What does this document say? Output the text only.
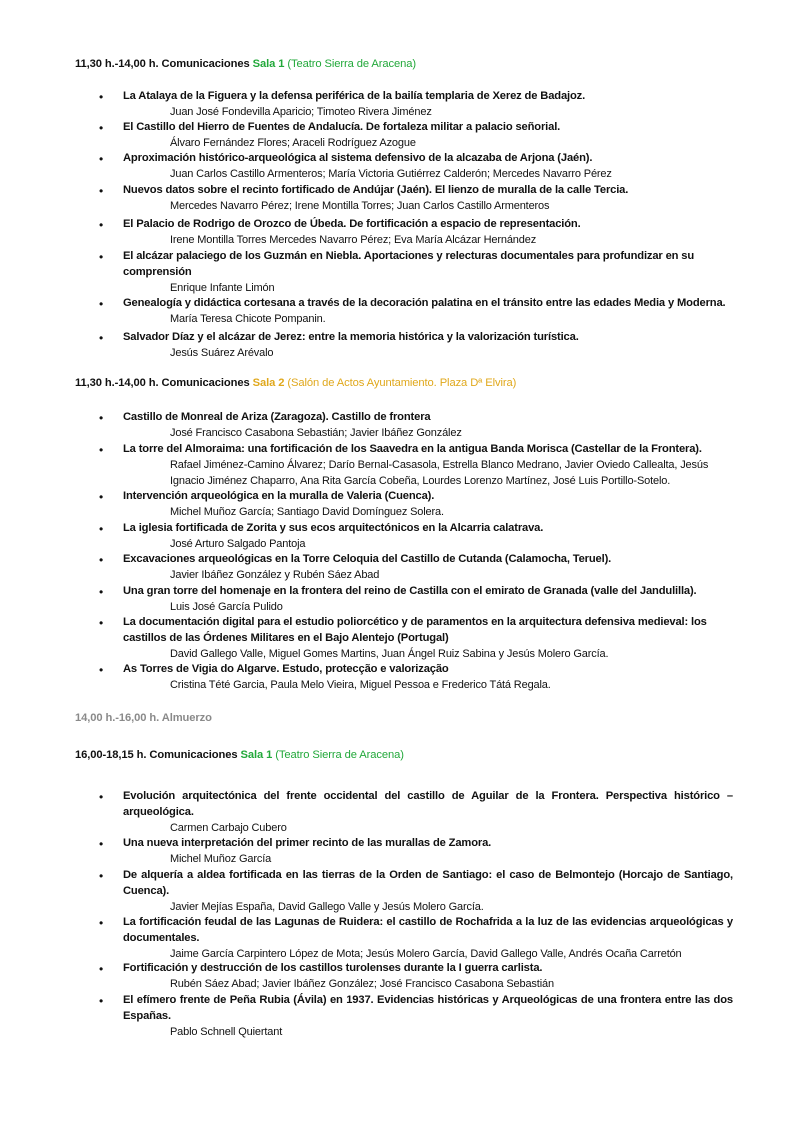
11,30 h.-14,00 h. Comunicaciones Sala 1 (Teatro Sierra de Aracena)
• La Atalaya de la Figuera y la defensa periférica de la bailía templaria de Xerez de Badajoz.
Juan José Fondevilla Aparicio; Timoteo Rivera Jiménez
• El Castillo del Hierro de Fuentes de Andalucía. De fortaleza militar a palacio señorial.
Álvaro Fernández Flores; Araceli Rodríguez Azogue
• Aproximación histórico-arqueológica al sistema defensivo de la alcazaba de Arjona (Jaén).
Juan Carlos Castillo Armenteros; María Victoria Gutiérrez Calderón; Mercedes Navarro Pérez
• Nuevos datos sobre el recinto fortificado de Andújar (Jaén). El lienzo de muralla de la calle Tercia.
Mercedes Navarro Pérez; Irene Montilla Torres; Juan Carlos Castillo Armenteros
• El Palacio de Rodrigo de Orozco de Úbeda. De fortificación a espacio de representación.
Irene Montilla Torres Mercedes Navarro Pérez; Eva María Alcázar Hernández
• El alcázar palaciego de los Guzmán en Niebla. Aportaciones y relecturas documentales para profundizar en su comprensión
Enrique Infante Limón
• Genealogía y didáctica cortesana a través de la decoración palatina en el tránsito entre las edades Media y Moderna.
María Teresa Chicote Pompanin.
• Salvador Díaz y el alcázar de Jerez: entre la memoria histórica y la valorización turística.
Jesús Suárez Arévalo
11,30 h.-14,00 h. Comunicaciones Sala 2 (Salón de Actos Ayuntamiento. Plaza Dª Elvira)
• Castillo de Monreal de Ariza (Zaragoza). Castillo de frontera
José Francisco Casabona Sebastián; Javier Ibáñez González
• La torre del Almoraima: una fortificación de los Saavedra en la antigua Banda Morisca (Castellar de la Frontera).
Rafael Jiménez-Camino Álvarez; Darío Bernal-Casasola, Estrella Blanco Medrano, Javier Oviedo Callealta, Jesús Ignacio Jiménez Chaparro, Ana Rita García Cobeña, Lourdes Lorenzo Martínez, José Luis Portillo-Sotelo.
• Intervención arqueológica en la muralla de Valeria (Cuenca).
Michel Muñoz García; Santiago David Domínguez Solera.
• La iglesia fortificada de Zorita y sus ecos arquitectónicos en la Alcarria calatrava.
José Arturo Salgado Pantoja
• Excavaciones arqueológicas en la Torre Celoquia del Castillo de Cutanda (Calamocha, Teruel).
Javier Ibáñez González y Rubén Sáez Abad
• Una gran torre del homenaje en la frontera del reino de Castilla con el emirato de Granada (valle del Jandulilla).
Luis José García Pulido
• La documentación digital para el estudio poliorcético y de paramentos en la arquitectura defensiva medieval: los castillos de las Órdenes Militares en el Bajo Alentejo (Portugal)
David Gallego Valle, Miguel Gomes Martins, Juan Ángel Ruiz Sabina y Jesús Molero García.
• As Torres de Vigia do Algarve. Estudo, protecção e valorização
Cristina Tété Garcia, Paula Melo Vieira, Miguel Pessoa e Frederico Tátá Regala.
14,00 h.-16,00 h. Almuerzo
16,00-18,15 h. Comunicaciones Sala 1 (Teatro Sierra de Aracena)
• Evolución arquitectónica del frente occidental del castillo de Aguilar de la Frontera. Perspectiva histórico – arqueológica.
Carmen Carbajo Cubero
• Una nueva interpretación del primer recinto de las murallas de Zamora.
Michel Muñoz García
• De alquería a aldea fortificada en las tierras de la Orden de Santiago: el caso de Belmontejo (Horcajo de Santiago, Cuenca).
Javier Mejías España, David Gallego Valle y Jesús Molero García.
• La fortificación feudal de las Lagunas de Ruidera: el castillo de Rochafrida a la luz de las evidencias arqueológicas y documentales.
Jaime García Carpintero López de Mota; Jesús Molero García, David Gallego Valle, Andrés Ocaña Carretón
• Fortificación y destrucción de los castillos turolenses durante la I guerra carlista.
Rubén Sáez Abad; Javier Ibáñez González; José Francisco Casabona Sebastián
• El efímero frente de Peña Rubia (Ávila) en 1937. Evidencias históricas y Arqueológicas de una frontera entre las dos Españas.
Pablo Schnell Quiertant
